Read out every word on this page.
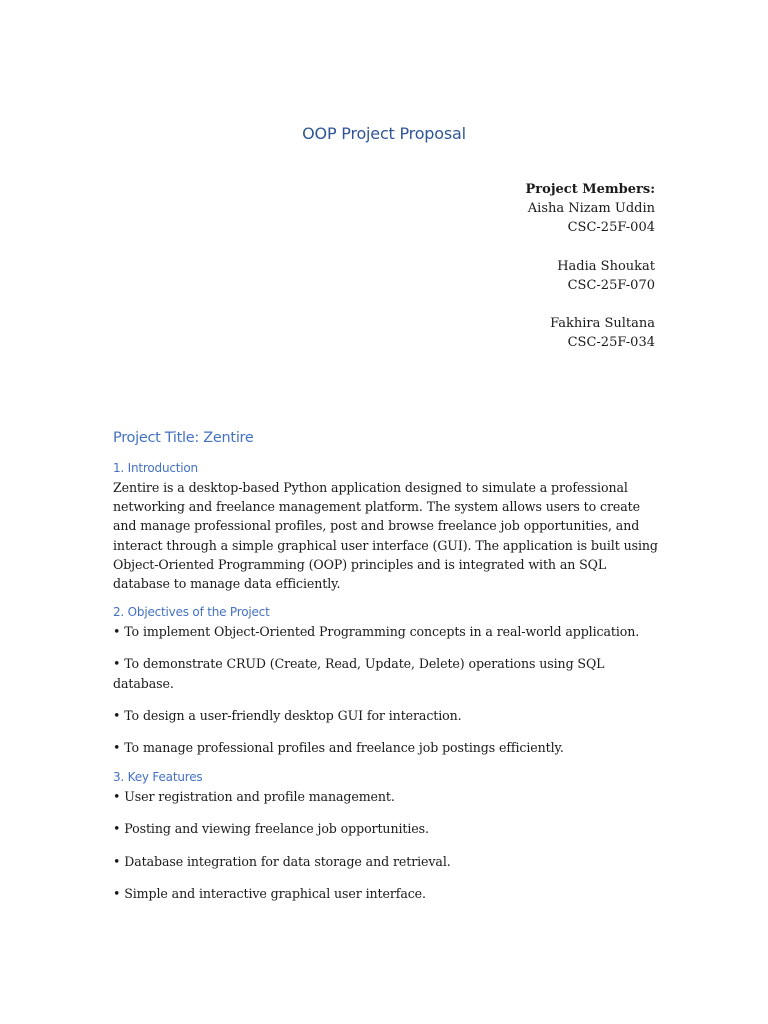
OOP Project Proposal
Project Members:
Aisha Nizam Uddin
CSC-25F-004
Hadia Shoukat
CSC-25F-070
Fakhira Sultana
CSC-25F-034
Project Title: Zentire
1. Introduction

Zentire is a desktop-based Python application designed to simulate a professional networking and freelance management platform. The system allows users to create and manage professional profiles, post and browse freelance job opportunities, and interact through a simple graphical user interface (GUI). The application is built using Object-Oriented Programming (OOP) principles and is integrated with an SQL database to manage data efficiently.

2. Objectives of the Project

• To implement Object-Oriented Programming concepts in a real-world application.

• To demonstrate CRUD (Create, Read, Update, Delete) operations using SQL database.

• To design a user-friendly desktop GUI for interaction.

• To manage professional profiles and freelance job postings efficiently.

3. Key Features

• User registration and profile management.

• Posting and viewing freelance job opportunities.

• Database integration for data storage and retrieval.

• Simple and interactive graphical user interface.
